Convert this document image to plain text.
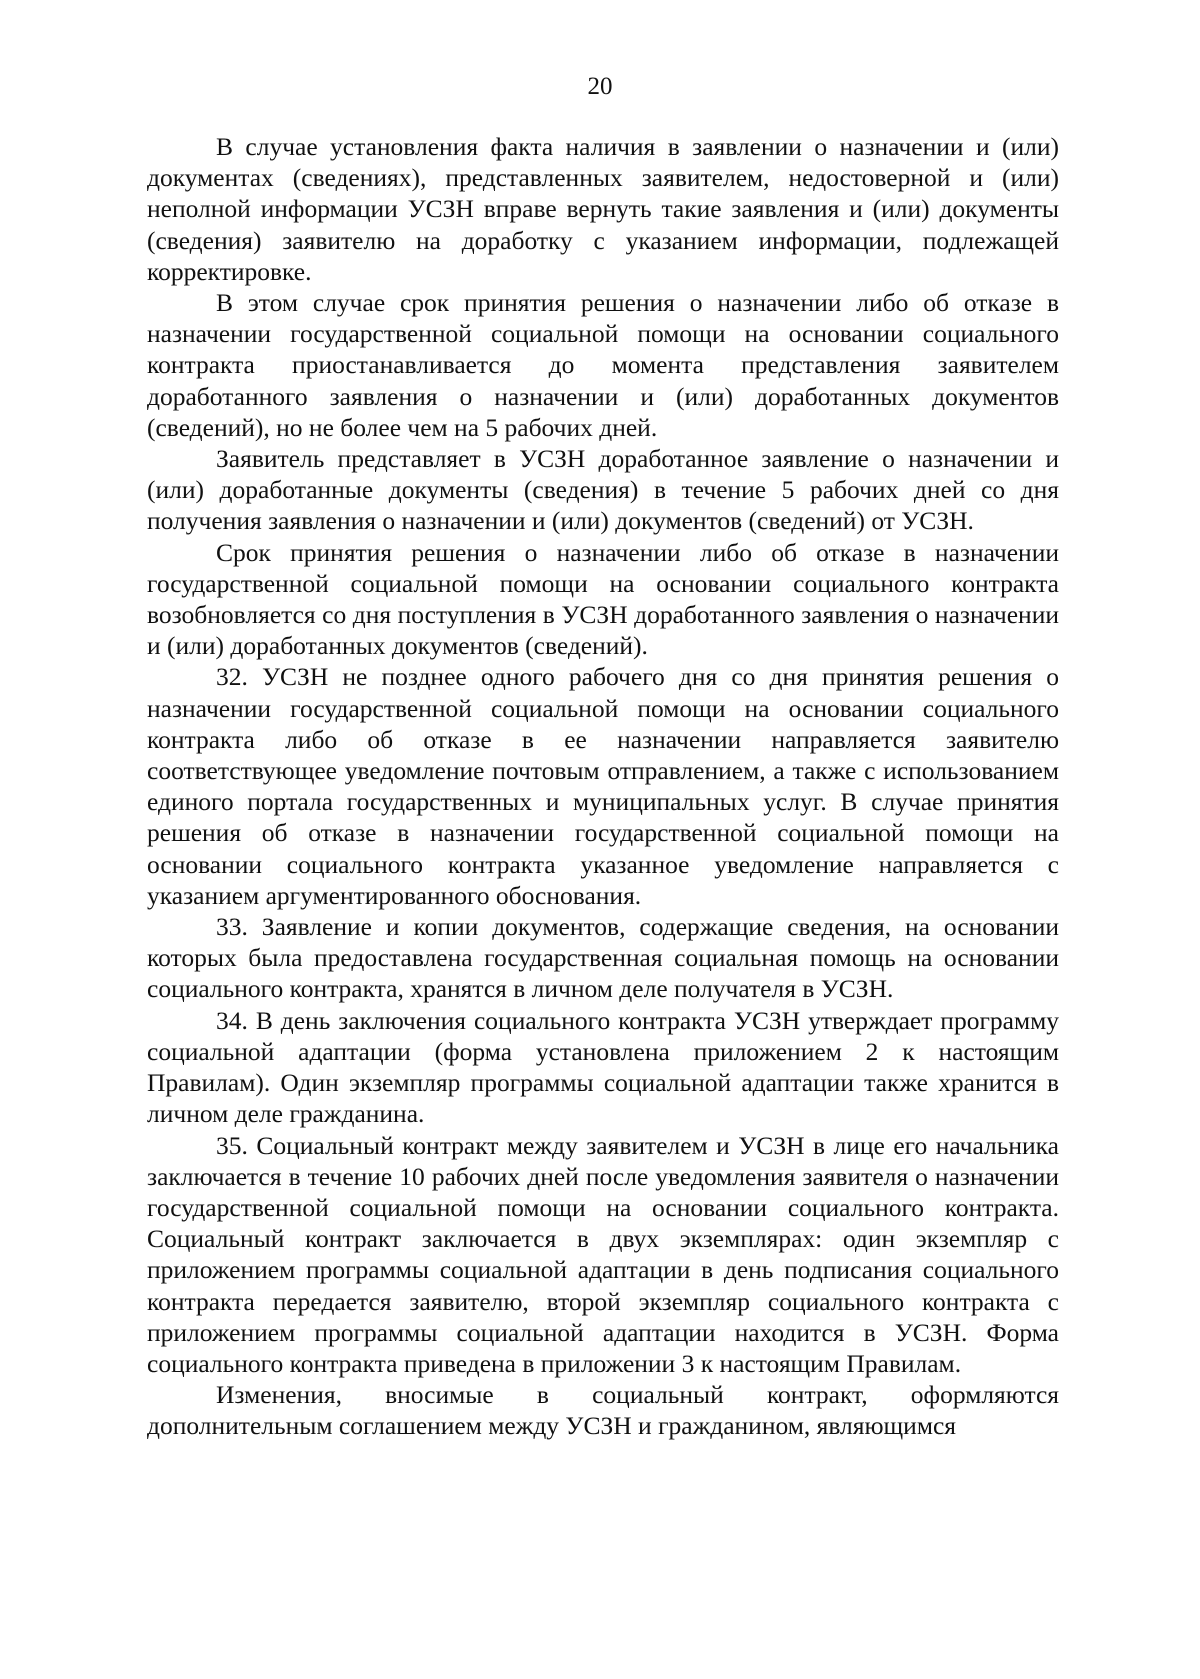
20

В случае установления факта наличия в заявлении о назначении и (или) документах (сведениях), представленных заявителем, недостоверной и (или) неполной информации УСЗН вправе вернуть такие заявления и (или) документы (сведения) заявителю на доработку с указанием информации, подлежащей корректировке.

В этом случае срок принятия решения о назначении либо об отказе в назначении государственной социальной помощи на основании социального контракта приостанавливается до момента представления заявителем доработанного заявления о назначении и (или) доработанных документов (сведений), но не более чем на 5 рабочих дней.

Заявитель представляет в УСЗН доработанное заявление о назначении и (или) доработанные документы (сведения) в течение 5 рабочих дней со дня получения заявления о назначении и (или) документов (сведений) от УСЗН.

Срок принятия решения о назначении либо об отказе в назначении государственной социальной помощи на основании социального контракта возобновляется со дня поступления в УСЗН доработанного заявления о назначении и (или) доработанных документов (сведений).

32. УСЗН не позднее одного рабочего дня со дня принятия решения о назначении государственной социальной помощи на основании социального контракта либо об отказе в ее назначении направляется заявителю соответствующее уведомление почтовым отправлением, а также с использованием единого портала государственных и муниципальных услуг. В случае принятия решения об отказе в назначении государственной социальной помощи на основании социального контракта указанное уведомление направляется с указанием аргументированного обоснования.

33. Заявление и копии документов, содержащие сведения, на основании которых была предоставлена государственная социальная помощь на основании социального контракта, хранятся в личном деле получателя в УСЗН.

34. В день заключения социального контракта УСЗН утверждает программу социальной адаптации (форма установлена приложением 2 к настоящим Правилам). Один экземпляр программы социальной адаптации также хранится в личном деле гражданина.

35. Социальный контракт между заявителем и УСЗН в лице его начальника заключается в течение 10 рабочих дней после уведомления заявителя о назначении государственной социальной помощи на основании социального контракта. Социальный контракт заключается в двух экземплярах: один экземпляр с приложением программы социальной адаптации в день подписания социального контракта передается заявителю, второй экземпляр социального контракта с приложением программы социальной адаптации находится в УСЗН. Форма социального контракта приведена в приложении 3 к настоящим Правилам.

Изменения, вносимые в социальный контракт, оформляются дополнительным соглашением между УСЗН и гражданином, являющимся
